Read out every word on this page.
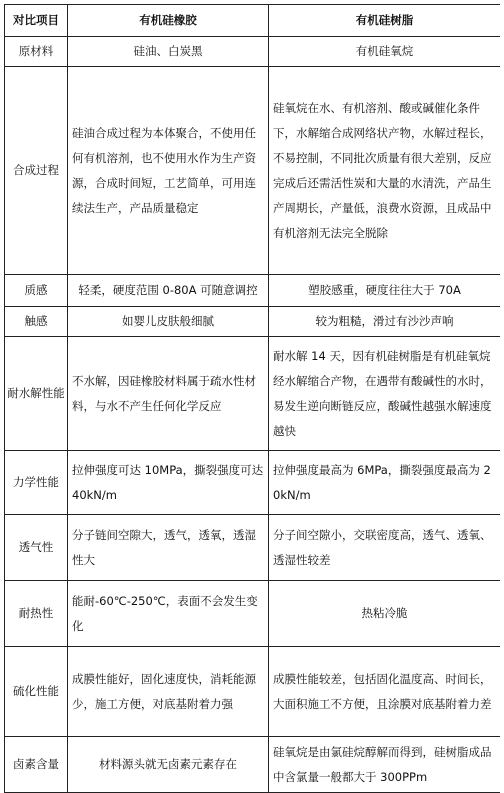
对比项目	有机硅橡胶	有机硅树脂
原材料	硅油、白炭黑	有机硅氧烷
合成过程	硅油合成过程为本体聚合，不使用任何有机溶剂，也不使用水作为生产资源，合成时间短，工艺简单，可用连续法生产，产品质量稳定	硅氧烷在水、有机溶剂、酸或碱催化条件下，水解缩合成网络状产物，水解过程长，不易控制，不同批次质量有很大差别，反应完成后还需活性炭和大量的水清洗，产品生产周期长，产量低，浪费水资源，且成品中有机溶剂无法完全脱除
质感	轻柔，硬度范围 0-80A 可随意调控	塑胶感重，硬度往往大于 70A
触感	如婴儿皮肤般细腻	较为粗糙，滑过有沙沙声响
耐水解性能	不水解，因硅橡胶材料属于疏水性材料，与水不产生任何化学反应	耐水解 14 天，因有机硅树脂是有机硅氧烷经水解缩合产物，在遇带有酸碱性的水时，易发生逆向断链反应，酸碱性越强水解速度越快
力学性能	拉伸强度可达 10MPa，撕裂强度可达 40kN/m	拉伸强度最高为 6MPa，撕裂强度最高为 20kN/m
透气性	分子链间空隙大，透气，透氧，透湿性大	分子间空隙小，交联密度高，透气、透氧、透湿性较差
耐热性	能耐-60℃-250℃，表面不会发生变化	热粘冷脆
硫化性能	成膜性能好，固化速度快，消耗能源少，施工方便，对底基附着力强	成膜性能较差，包括固化温度高、时间长，大面积施工不方便，且涂膜对底基附着力差
卤素含量	材料源头就无卤素元素存在	硅氧烷是由氯硅烷醇解而得到，硅树脂成品中含氯量一般都大于 300PPm
